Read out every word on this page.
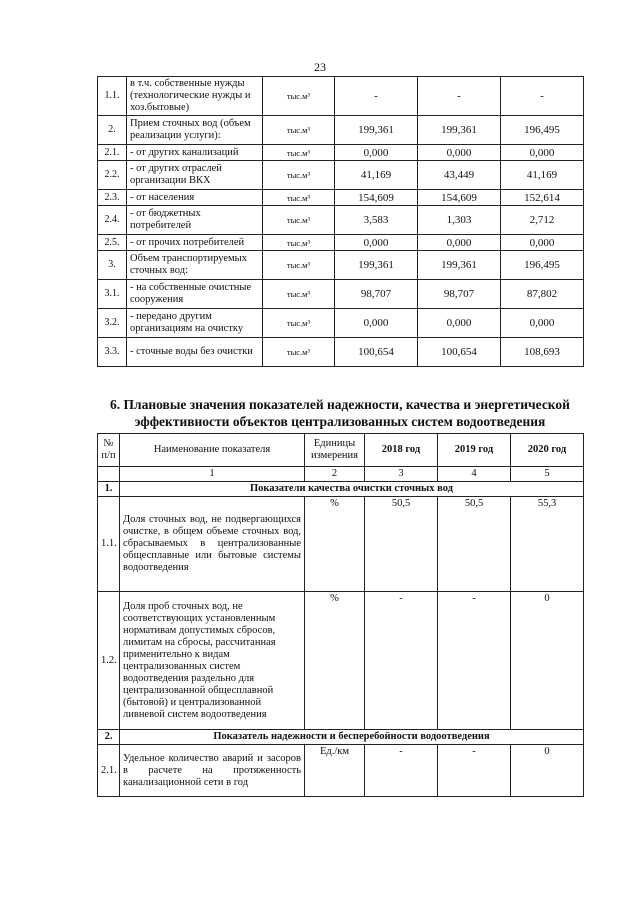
23
1.1.	в т.ч. собственные нужды (технологические нужды и хоз.бытовые)	тыс.м³	-	-	-
2.	Прием сточных вод (объем реализации услуги):	тыс.м³	199,361	199,361	196,495
2.1.	- от других канализаций	тыс.м³	0,000	0,000	0,000
2.2.	- от других отраслей организации ВКХ	тыс.м³	41,169	43,449	41,169
2.3.	- от населения	тыс.м³	154,609	154,609	152,614
2.4.	- от бюджетных потребителей	тыс.м³	3,583	1,303	2,712
2.5.	- от прочих потребителей	тыс.м³	0,000	0,000	0,000
3.	Объем транспортируемых сточных вод:	тыс.м³	199,361	199,361	196,495
3.1.	- на собственные очистные сооружения	тыс.м³	98,707	98,707	87,802
3.2.	- передано другим организациям на очистку	тыс.м³	0,000	0,000	0,000
3.3.	- сточные воды без очистки	тыс.м³	100,654	100,654	108,693
6. Плановые значения показателей надежности, качества и энергетической эффективности объектов централизованных систем водоотведения
№ п/п	Наименование показателя	Единицы измерения	2018 год	2019 год	2020 год
	1	2	3	4	5
1.	Показатели качества очистки сточных вод				
1.1.	Доля сточных вод, не подвергающихся очистке, в общем объеме сточных вод, сбрасываемых в централизованные общесплавные или бытовые системы водоотведения	%	50,5	50,5	55,3
1.2.	Доля проб сточных вод, не соответствующих установленным нормативам допустимых сбросов, лимитам на сбросы, рассчитанная применительно к видам централизованных систем водоотведения раздельно для централизованной общесплавной (бытовой) и централизованной ливневой систем водоотведения	%	-	-	0
2.	Показатель надежности и бесперебойности водоотведения				
2.1.	Удельное количество аварий и засоров в расчете на протяженность канализационной сети в год	Ед./км	-	-	0
